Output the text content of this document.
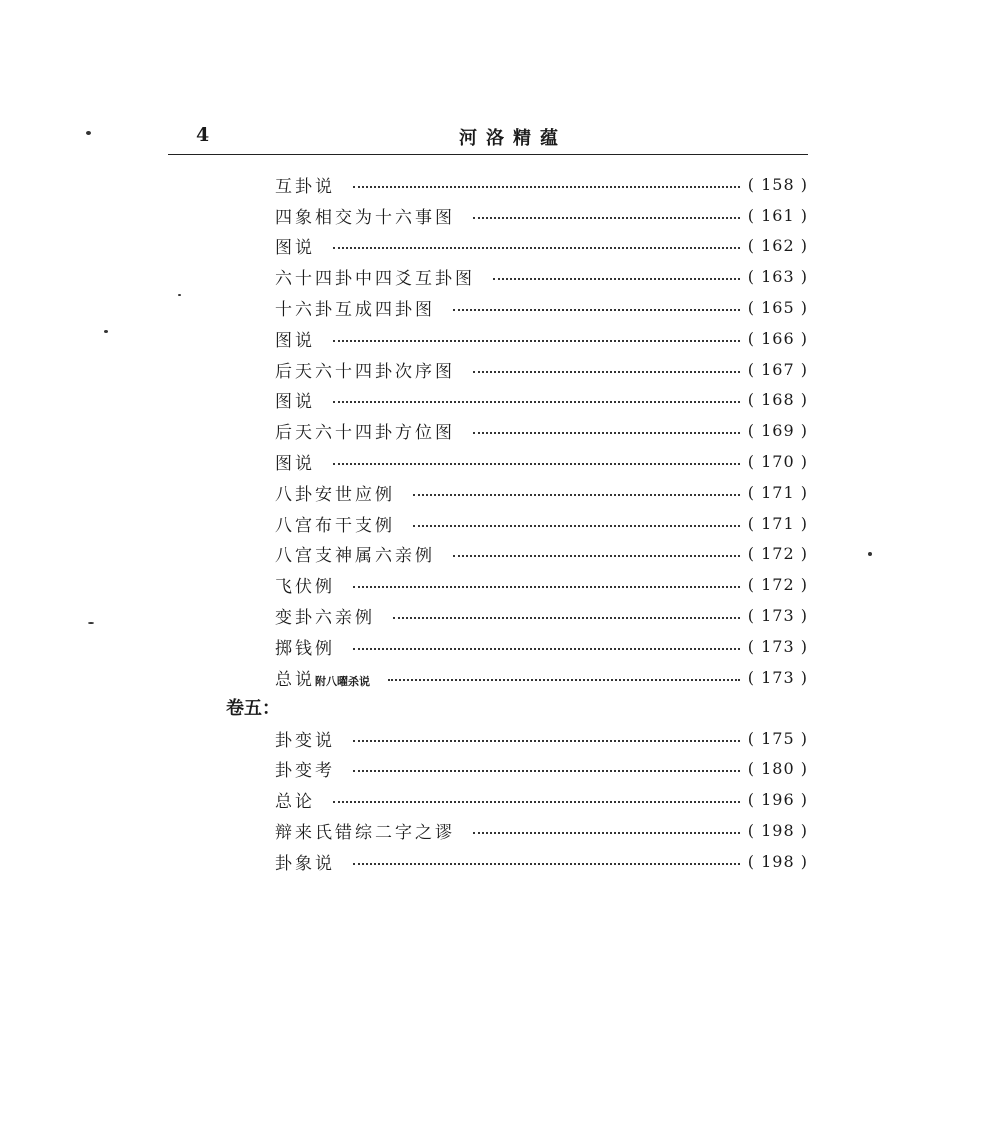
4	河洛精蕴
互卦说	( 158 )
四象相交为十六事图	( 161 )
图说	( 162 )
六十四卦中四爻互卦图	( 163 )
十六卦互成四卦图	( 165 )
图说	( 166 )
后天六十四卦次序图	( 167 )
图说	( 168 )
后天六十四卦方位图	( 169 )
图说	( 170 )
八卦安世应例	( 171 )
八宫布干支例	( 171 )
八宫支神属六亲例	( 172 )
飞伏例	( 172 )
变卦六亲例	( 173 )
掷钱例	( 173 )
总说附八曜杀说	( 173 )
卷五：
卦变说	( 175 )
卦变考	( 180 )
总论	( 196 )
辩来氏错综二字之谬	( 198 )
卦象说	( 198 )
